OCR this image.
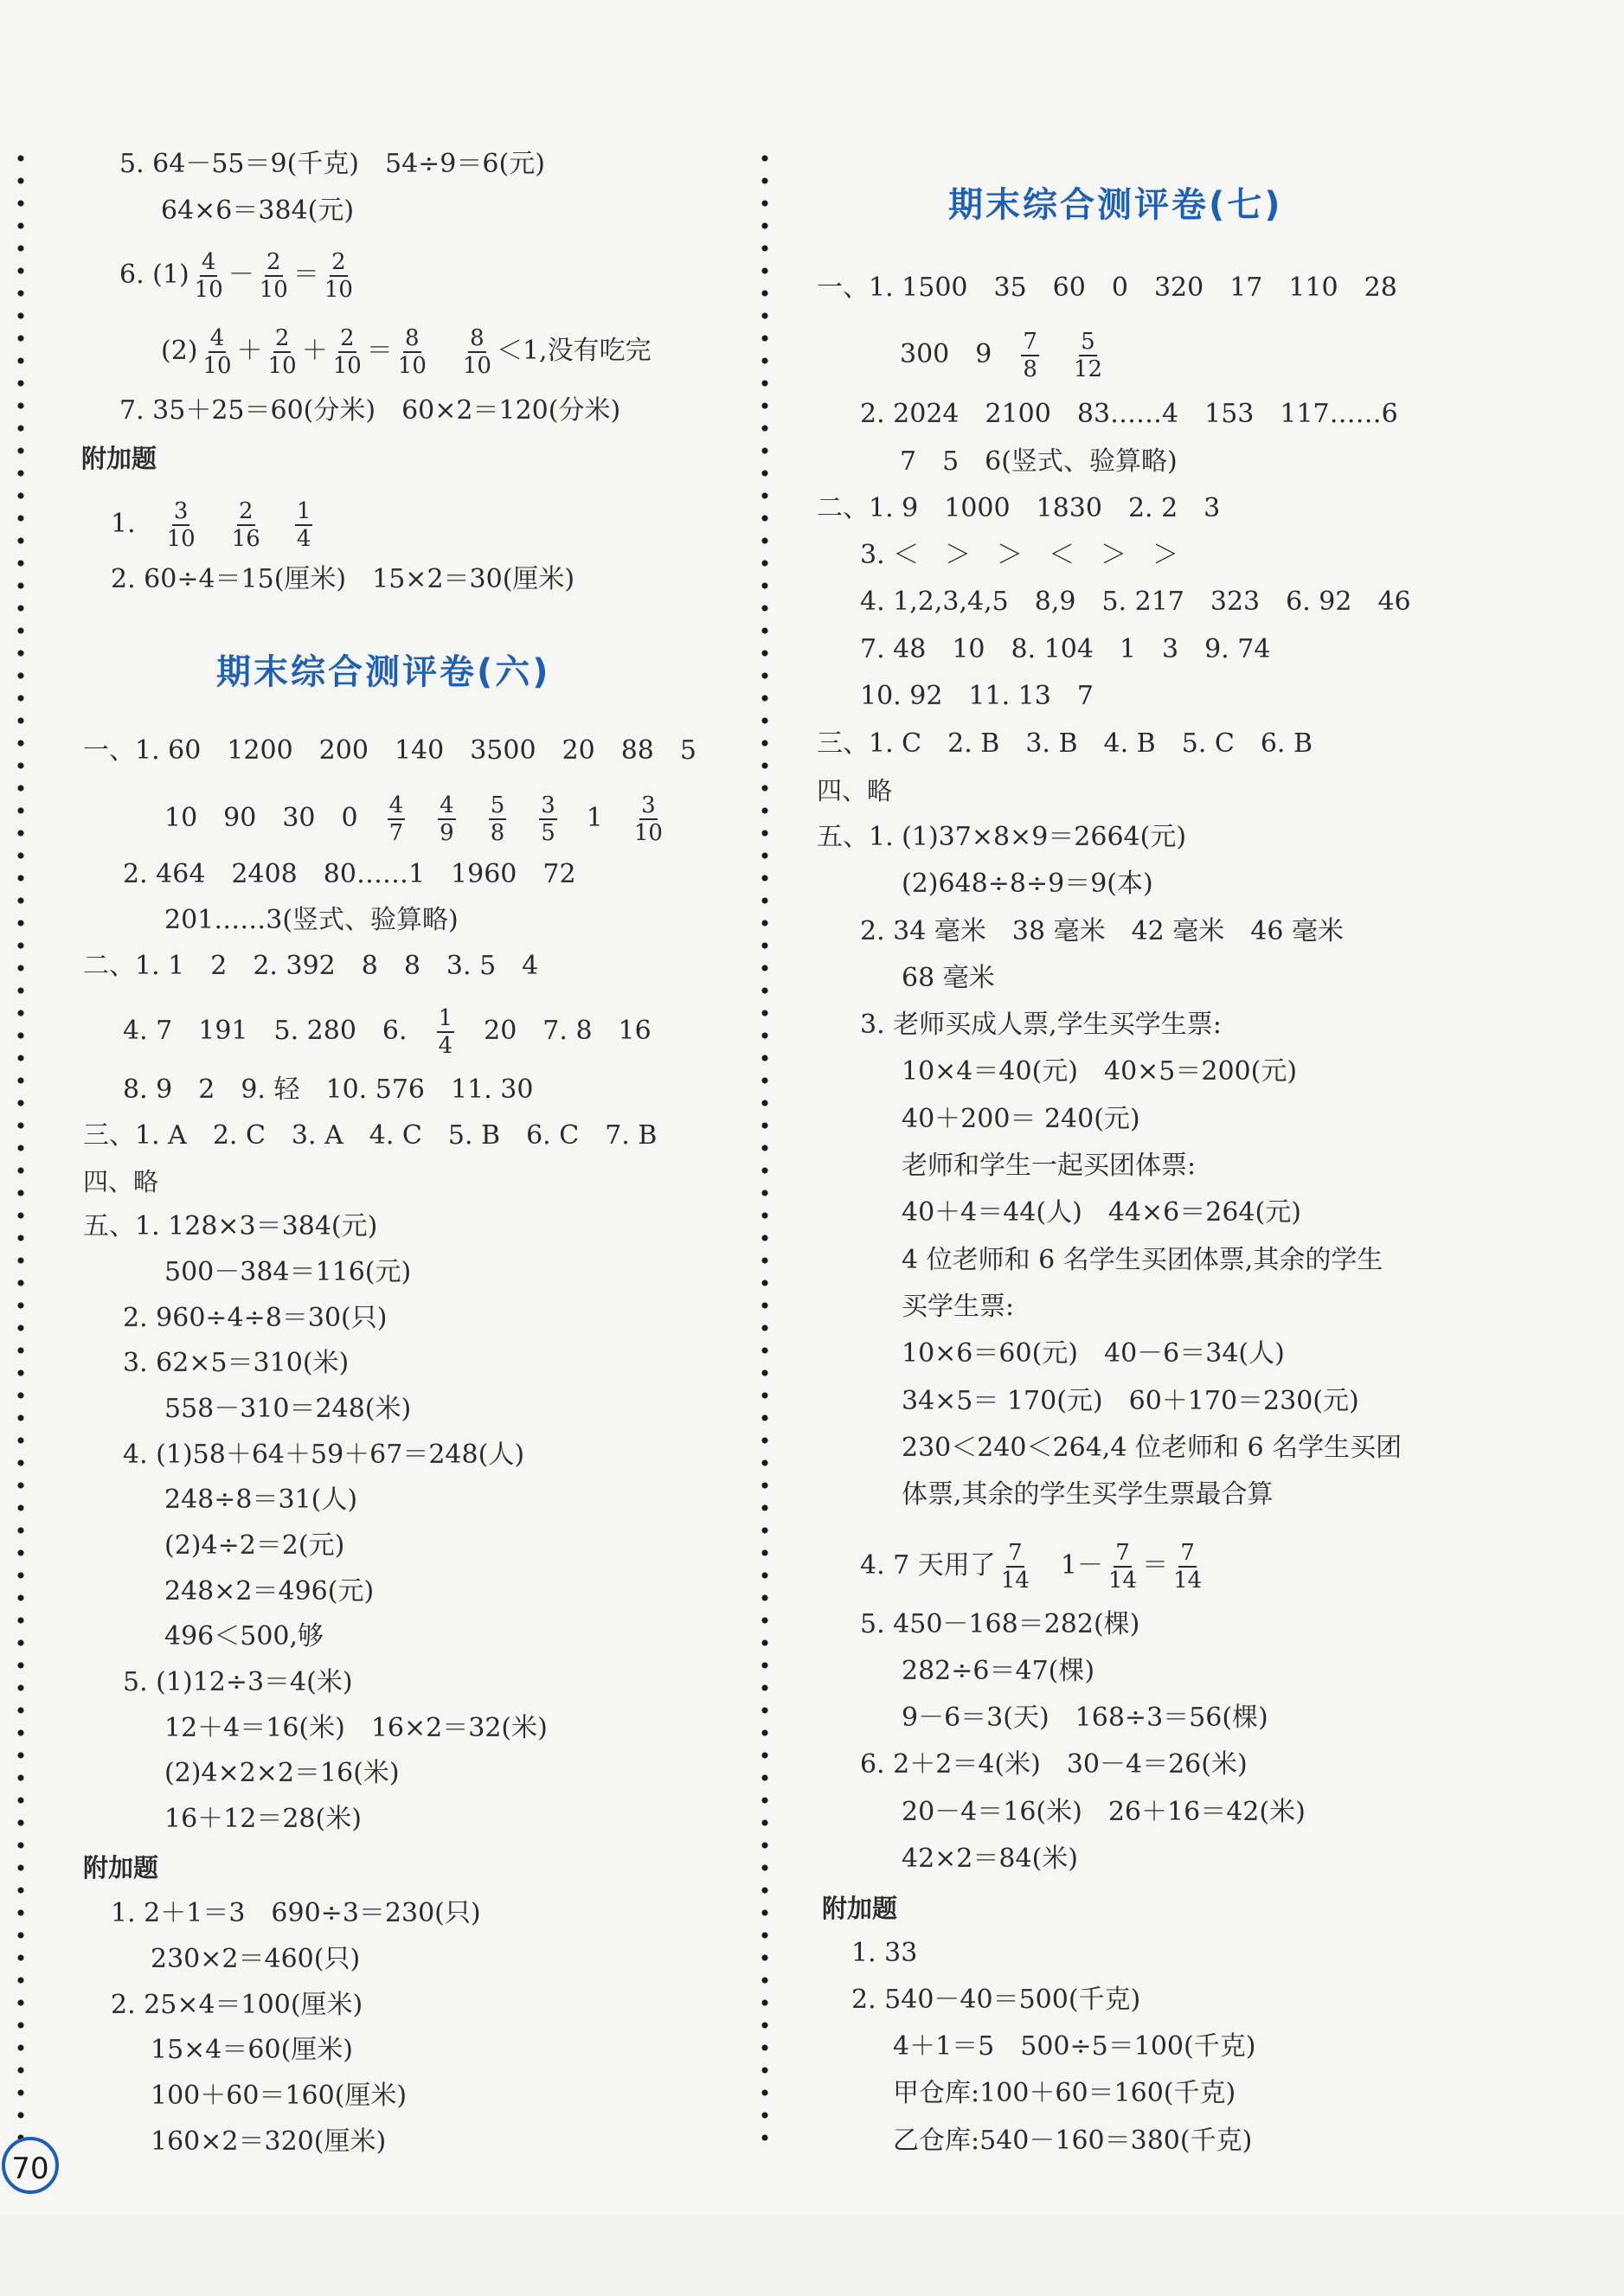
5. 64－55＝9(千克)　54÷9＝6(元)
64×6＝384(元)
6. $(1) \frac{4}{10} - \frac{2}{10} = \frac{2}{10}$
$(2) \frac{4}{10} + \frac{2}{10} + \frac{2}{10} = \frac{8}{10}$
　 $\frac{8}{10} <1$,没有吃完
7. 35＋25＝60(分米)　60×2＝120(分米)
附加题
1.　 $\frac{3}{10}$
　 $\frac{2}{16}$
　 $\frac{1}{4}$
2. 60÷4＝15(厘米)　15×2＝30(厘米)
期末综合测评卷(六)
一、1. 60　1200　200　140　3500　20　88　5
10　90　30　0　 $\frac{4}{7}$
　 $\frac{4}{9}$
　 $\frac{5}{8}$
　 $\frac{3}{5}$
　 1　 $\frac{3}{10}$
2. 464　2408　80……1　1960　72
201……3(竖式、验算略)
二、1. 1　2　2. 392　8　8　3. 5　4
4. 7　191　5. 280　6.　 $\frac{1}{4}$
　 20　7. 8　16
8. 9　2　9. 轻　10. 576　11. 30
三、1. A　2. C　3. A　4. C　5. B　6. C　7. B
四、略
五、1. 128×3＝384(元)
500－384＝116(元)
2. 960÷4÷8＝30(只)
3. 62×5＝310(米)
558－310＝248(米)
4. (1)58＋64＋59＋67＝248(人)
248÷8＝31(人)
(2)4÷2＝2(元)
248×2＝496(元)
496＜500,够
5. (1)12÷3＝4(米)
12＋4＝16(米)　16×2＝32(米)
(2)4×2×2＝16(米)
16＋12＝28(米)
附加题
1. 2＋1＝3　690÷3＝230(只)
230×2＝460(只)
2. 25×4＝100(厘米)
15×4＝60(厘米)
100＋60＝160(厘米)
160×2＝320(厘米)
期末综合测评卷(七)
一、1. 1500　35　60　0　320　17　110　28
300　9　 $\frac{7}{8}$
　 $\frac{5}{12}$
2. 2024　2100　83……4　153　117……6
7　5　6(竖式、验算略)
二、1. 9　1000　1830　2. 2　3
3. ＜　＞　＞　＜　＞　＞
4. 1,2,3,4,5　8,9　5. 217　323　6. 92　46
7. 48　10　8. 104　1　3　9. 74
10. 92　11. 13　7
三、1. C　2. B　3. B　4. B　5. C　6. B
四、略
五、1. (1)37×8×9＝2664(元)
(2)648÷8÷9＝9(本)
2. 34 毫米　38 毫米　42 毫米　46 毫米
68 毫米
3. 老师买成人票,学生买学生票:
10×4＝40(元)　40×5＝200(元)
40＋200＝ 240(元)
老师和学生一起买团体票:
40＋4＝44(人)　44×6＝264(元)
4 位老师和 6 名学生买团体票,其余的学生
买学生票:
10×6＝60(元)　40－6＝34(人)
34×5＝ 170(元)　60＋170＝230(元)
230＜240＜264,4 位老师和 6 名学生买团
体票,其余的学生买学生票最合算
4. 7 天用了 $\frac{7}{14}$
　 $1- \frac{7}{14} = \frac{7}{14}$
5. 450－168＝282(棵)
282÷6＝47(棵)
9－6＝3(天)　168÷3＝56(棵)
6. 2＋2＝4(米)　30－4＝26(米)
20－4＝16(米)　26＋16＝42(米)
42×2＝84(米)
附加题
1. 33
2. 540－40＝500(千克)
4＋1＝5　500÷5＝100(千克)
甲仓库:100＋60＝160(千克)
乙仓库:540－160＝380(千克)
70
